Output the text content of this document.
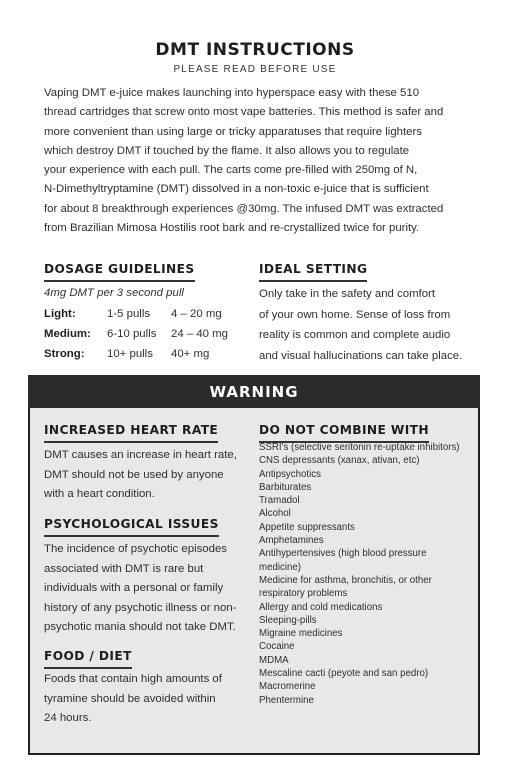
DMT INSTRUCTIONS
PLEASE READ BEFORE USE
Vaping DMT e-juice makes launching into hyperspace easy with these 510
thread cartridges that screw onto most vape batteries. This method is safer and
more convenient than using large or tricky apparatuses that require lighters
which destroy DMT if touched by the flame. It also allows you to regulate
your experience with each pull. The carts come pre-filled with 250mg of N,
N-Dimethyltryptamine (DMT) dissolved in a non-toxic e-juice that is sufficient
for about 8 breakthrough experiences @30mg. The infused DMT was extracted
from Brazilian Mimosa Hostilis root bark and re-crystallized twice for purity.
DOSAGE GUIDELINES
4mg DMT per 3 second pull
Light:	1-5 pulls	4 – 20 mg
Medium:	6-10 pulls	24 – 40 mg
Strong:	10+ pulls	40+ mg
IDEAL SETTING
Only take in the safety and comfort
of your own home. Sense of loss from
reality is common and complete audio
and visual hallucinations can take place.
WARNING
INCREASED HEART RATE
DMT causes an increase in heart rate,
DMT should not be used by anyone
with a heart condition.
PSYCHOLOGICAL ISSUES
The incidence of psychotic episodes
associated with DMT is rare but
individuals with a personal or family
history of any psychotic illness or non-
psychotic mania should not take DMT.
FOOD / DIET
Foods that contain high amounts of
tyramine should be avoided within
24 hours.
DO NOT COMBINE WITH
SSRI's (selective seritonin re-uptake inhibitors)
CNS depressants (xanax, ativan, etc)
Antipsychotics
Barbiturates
Tramadol
Alcohol
Appetite suppressants
Amphetamines
Antihypertensives (high blood pressure
medicine)
Medicine for asthma, bronchitis, or other
respiratory problems
Allergy and cold medications
Sleeping-pills
Migraine medicines
Cocaine
MDMA
Mescaline cacti (peyote and san pedro)
Macromerine
Phentermine
